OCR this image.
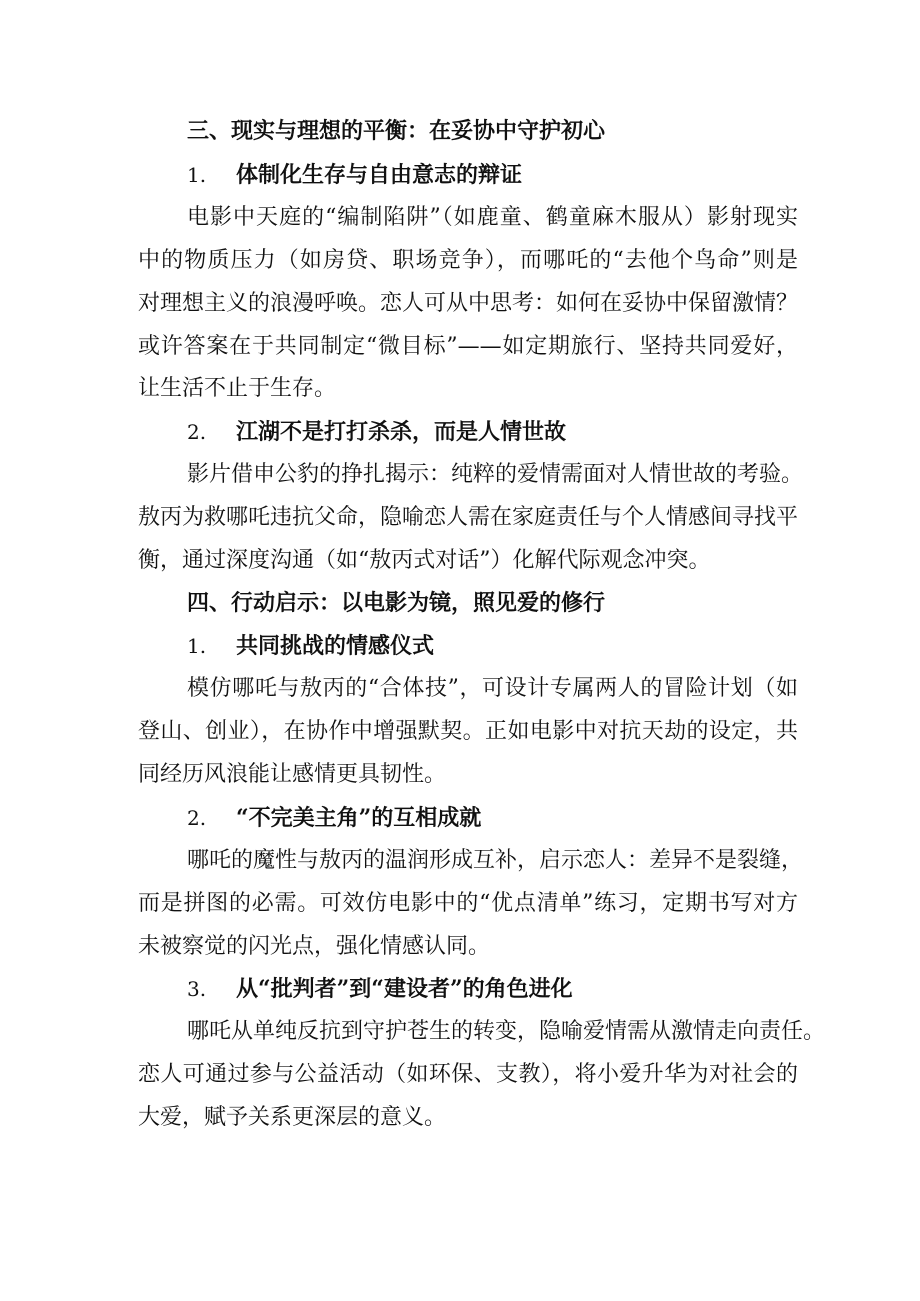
三、现实与理想的平衡：在妥协中守护初心
1.	体制化生存与自由意志的辩证
电影中天庭的“编制陷阱”（如鹿童、鹤童麻木服从）影射现实
中的物质压力（如房贷、职场竞争），而哪吒的“去他个鸟命”则是
对理想主义的浪漫呼唤。恋人可从中思考：如何在妥协中保留激情？
或许答案在于共同制定“微目标”——如定期旅行、坚持共同爱好，
让生活不止于生存。
2.	江湖不是打打杀杀，而是人情世故
影片借申公豹的挣扎揭示：纯粹的爱情需面对人情世故的考验。
敖丙为救哪吒违抗父命，隐喻恋人需在家庭责任与个人情感间寻找平
衡，通过深度沟通（如“敖丙式对话”）化解代际观念冲突。
四、行动启示：以电影为镜，照见爱的修行
1.	共同挑战的情感仪式
模仿哪吒与敖丙的“合体技”，可设计专属两人的冒险计划（如
登山、创业），在协作中增强默契。正如电影中对抗天劫的设定，共
同经历风浪能让感情更具韧性。
2.	“不完美主角”的互相成就
哪吒的魔性与敖丙的温润形成互补，启示恋人：差异不是裂缝，
而是拼图的必需。可效仿电影中的“优点清单”练习，定期书写对方
未被察觉的闪光点，强化情感认同。
3.	从“批判者”到“建设者”的角色进化
哪吒从单纯反抗到守护苍生的转变，隐喻爱情需从激情走向责任。
恋人可通过参与公益活动（如环保、支教），将小爱升华为对社会的
大爱，赋予关系更深层的意义。
